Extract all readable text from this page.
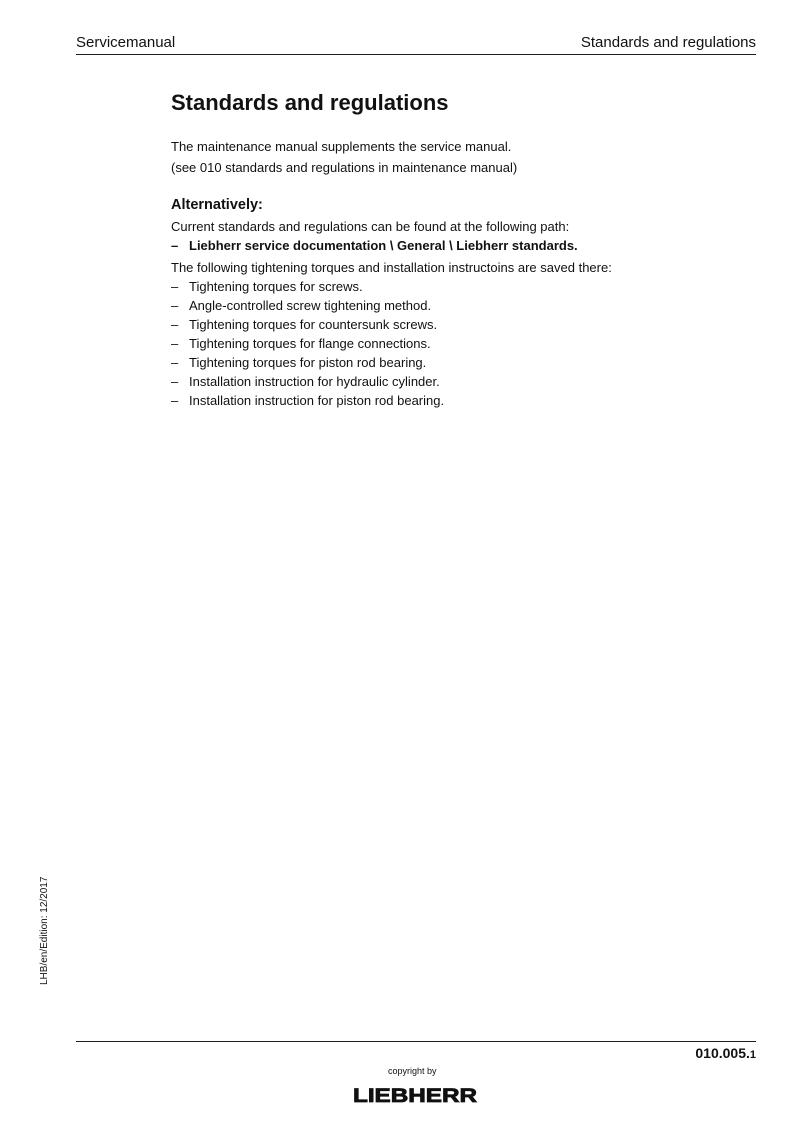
Servicemanual	Standards and regulations
Standards and regulations

The maintenance manual supplements the service manual.

(see 010 standards and regulations in maintenance manual)

Alternatively:

Current standards and regulations can be found at the following path:

– Liebherr service documentation \ General \ Liebherr standards.

The following tightening torques and installation instructoins are saved there:

– Tightening torques for screws.
– Angle-controlled screw tightening method.
– Tightening torques for countersunk screws.
– Tightening torques for flange connections.
– Tightening torques for piston rod bearing.
– Installation instruction for hydraulic cylinder.
– Installation instruction for piston rod bearing.
LHB/en/Edition: 12/2017
010.005.1
copyright by
LIEBHERR
